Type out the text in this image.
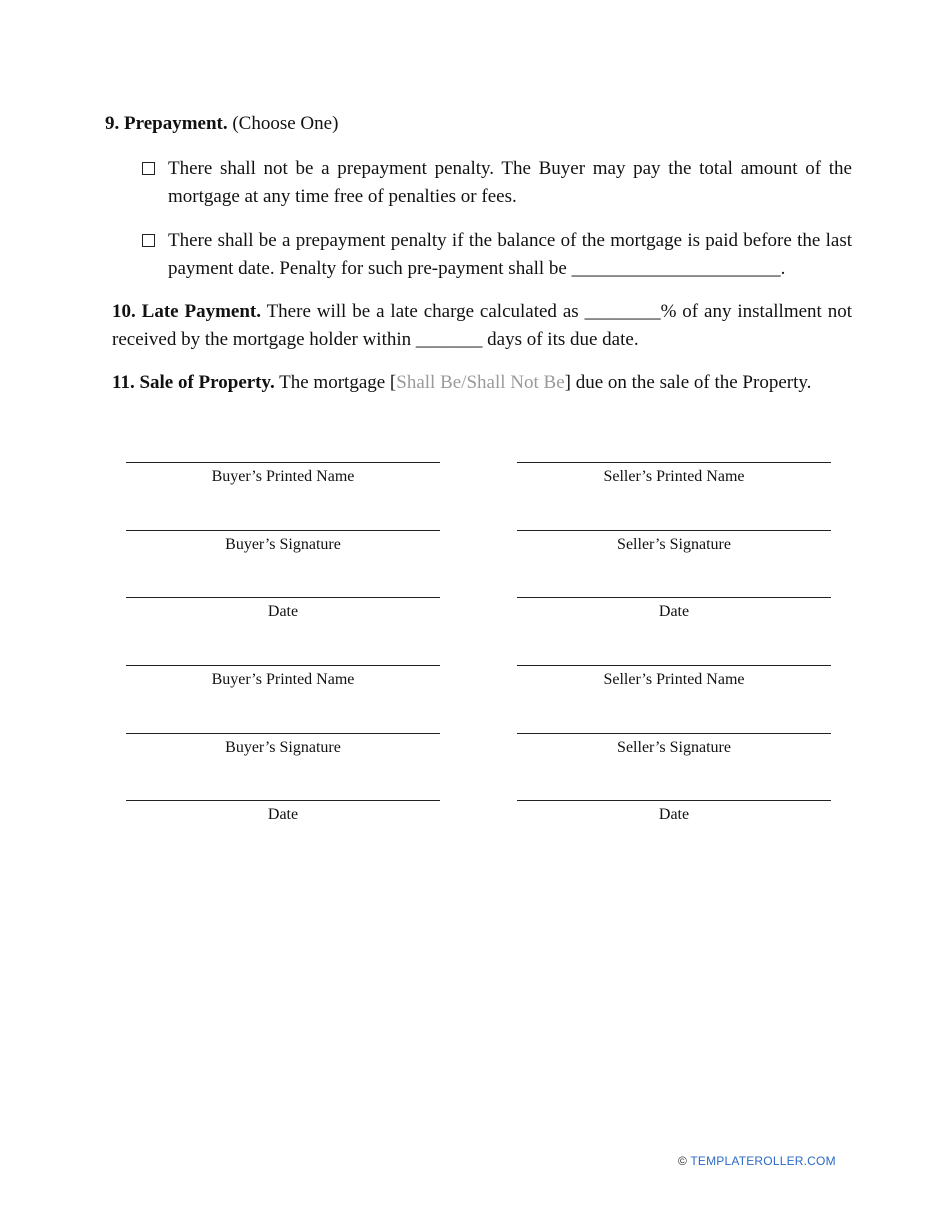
9. Prepayment. (Choose One)

There shall not be a prepayment penalty. The Buyer may pay the total amount of the mortgage at any time free of penalties or fees.
There shall be a prepayment penalty if the balance of the mortgage is paid before the last payment date. Penalty for such pre-payment shall be ______________________.

10. Late Payment. There will be a late charge calculated as ________% of any installment not received by the mortgage holder within _______ days of its due date.

11. Sale of Property. The mortgage [Shall Be/Shall Not Be] due on the sale of the Property.

Buyer’s Printed Name	Seller’s Printed Name
Buyer’s Signature	Seller’s Signature
Date	Date
Buyer’s Printed Name	Seller’s Printed Name
Buyer’s Signature	Seller’s Signature
Date	Date
© TEMPLATEROLLER.COM
